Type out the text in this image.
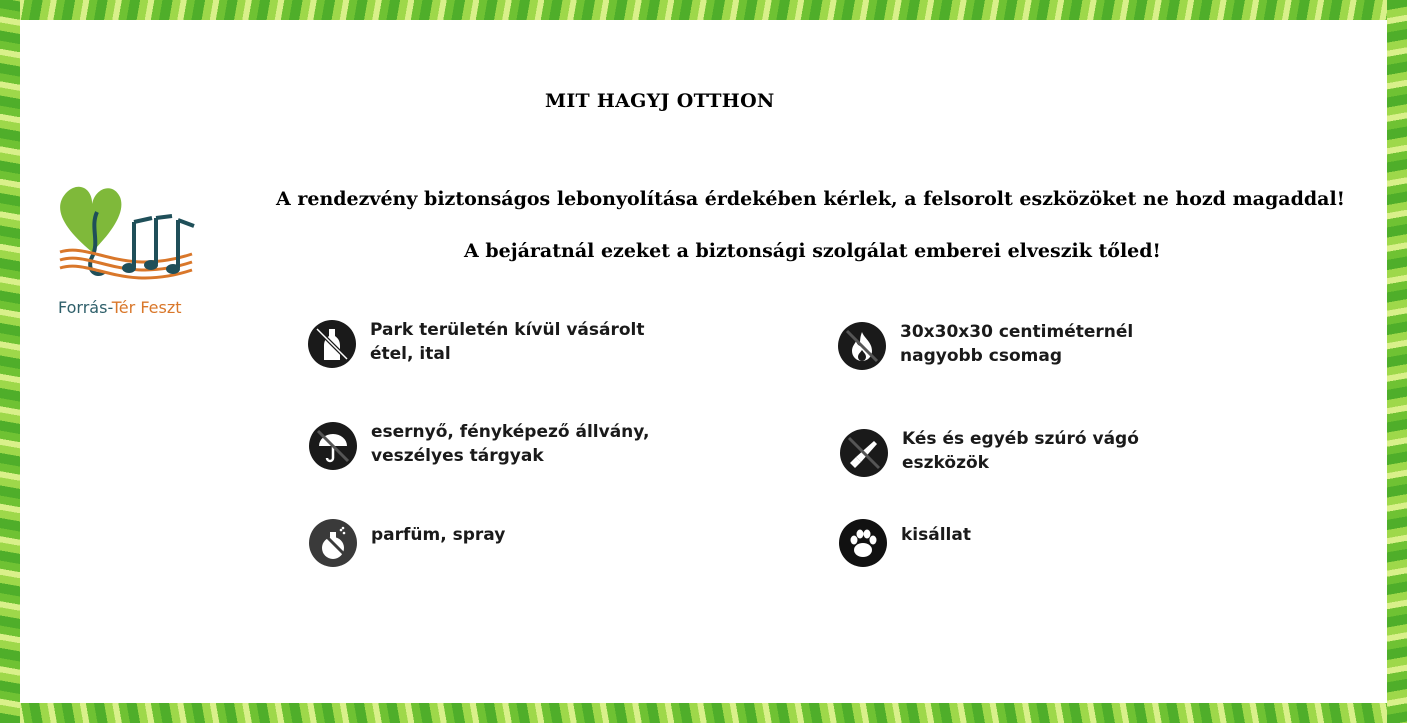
MIT HAGYJ OTTHON
A rendezvény biztonságos lebonyolítása érdekében kérlek, a felsorolt eszközöket ne hozd magaddal!
A bejáratnál ezeket a biztonsági szolgálat emberei elveszik tőled!
Forrás-Tér Feszt
Park területén kívül vásárolt étel, ital
30x30x30 centiméternél nagyobb csomag
esernyő, fényképező állvány, veszélyes tárgyak
Kés és egyéb szúró vágó eszközök
parfüm, spray	kisállat
